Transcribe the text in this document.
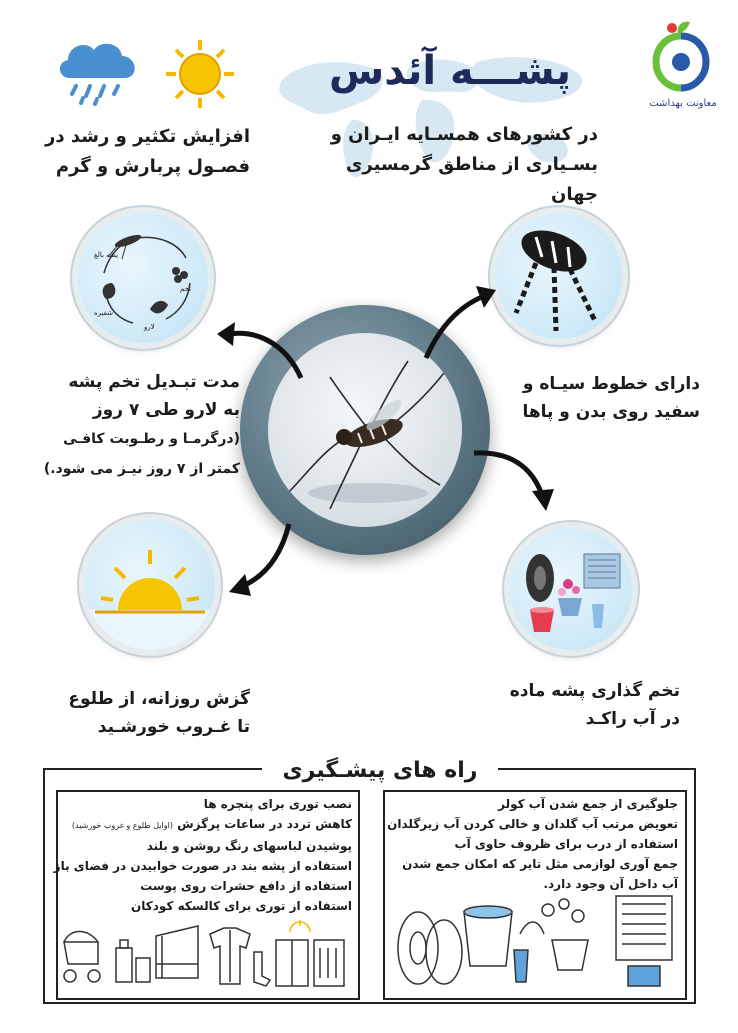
پشـــه آئدس
در کشورهای همسـایه ایـران و
بسـیاری از مناطق گرمسیری جهان
معاونت بهداشت
افزایش تکثیر و رشد در
فصـول پربارش و گرم
پشه بالغ
تخم
لارو
شفیره
مدت تبـدیل تخم پشه
به لارو طی ۷ روز
(درگرمـا و رطـوبت کافـی
کمتر از ۷ روز نیـز می شود.)
دارای خطوط سیـاه و
سفید روی بدن و پاها
گزش روزانه، از طلوع
تا غـروب خورشـید
تخم گذاری پشه ماده
در آب راکـد
راه های پیشـگیری
نصب توری برای پنجره ها
کاهش تردد در ساعات پرگزش (اوایل طلوع و غروب خورشید)
پوشیدن لباسهای رنگ روشن و بلند
استفاده از پشه بند در صورت خوابیدن در فضای باز
استفاده از دافع حشرات روی پوست
استفاده از توری برای کالسکه کودکان
جلوگیری از جمع شدن آب کولر
تعویض مرتب آب گلدان و خالی کردن آب زیرگلدان
استفاده از درب برای ظروف حاوی آب
جمع آوری لوازمی مثل تایر که امکان جمع شدن
آب داخل آن وجود دارد.
